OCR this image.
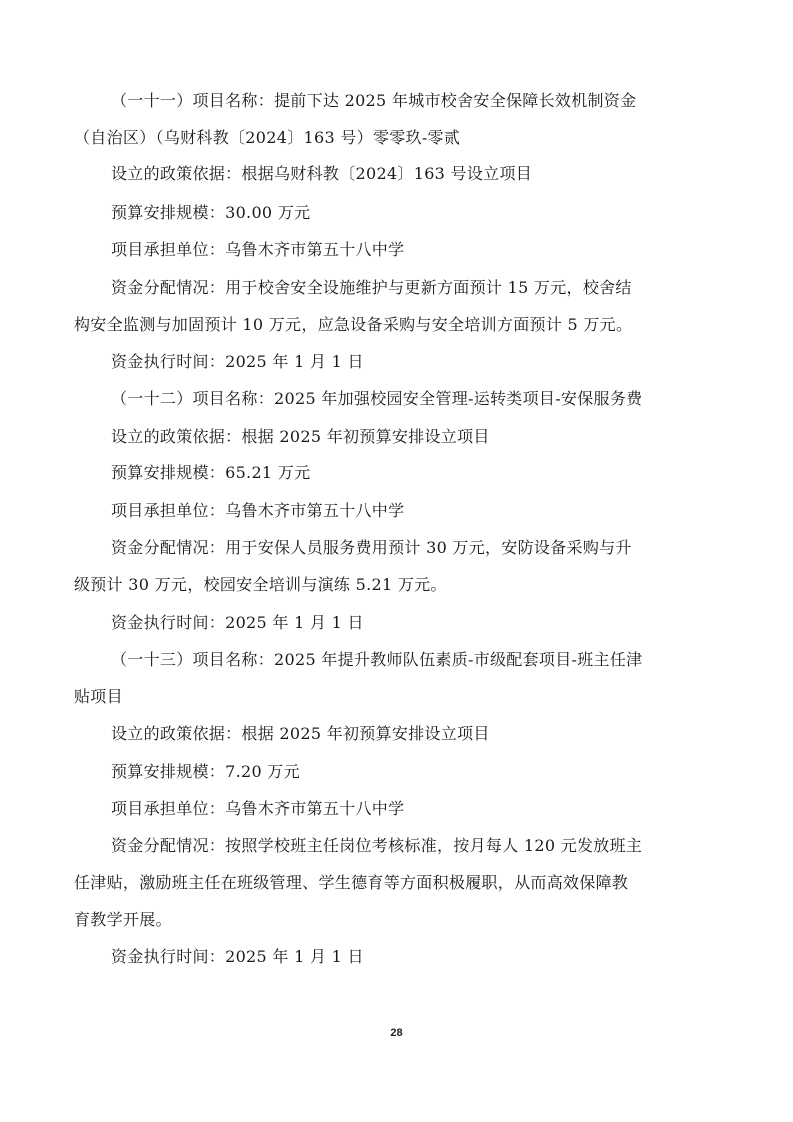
（一十一）项目名称：提前下达 2025 年城市校舍安全保障长效机制资金
（自治区）（乌财科教〔2024〕163 号）零零玖-零贰
设立的政策依据：根据乌财科教〔2024〕163 号设立项目
预算安排规模：30.00 万元
项目承担单位：乌鲁木齐市第五十八中学
资金分配情况：用于校舍安全设施维护与更新方面预计 15 万元，校舍结
构安全监测与加固预计 10 万元，应急设备采购与安全培训方面预计 5 万元。
资金执行时间：2025 年 1 月 1 日
（一十二）项目名称：2025 年加强校园安全管理-运转类项目-安保服务费
设立的政策依据：根据 2025 年初预算安排设立项目
预算安排规模：65.21 万元
项目承担单位：乌鲁木齐市第五十八中学
资金分配情况：用于安保人员服务费用预计 30 万元，安防设备采购与升
级预计 30 万元，校园安全培训与演练 5.21 万元。
资金执行时间：2025 年 1 月 1 日
（一十三）项目名称：2025 年提升教师队伍素质-市级配套项目-班主任津
贴项目
设立的政策依据：根据 2025 年初预算安排设立项目
预算安排规模：7.20 万元
项目承担单位：乌鲁木齐市第五十八中学
资金分配情况：按照学校班主任岗位考核标准，按月每人 120 元发放班主
任津贴，激励班主任在班级管理、学生德育等方面积极履职，从而高效保障教
育教学开展。
资金执行时间：2025 年 1 月 1 日
28
